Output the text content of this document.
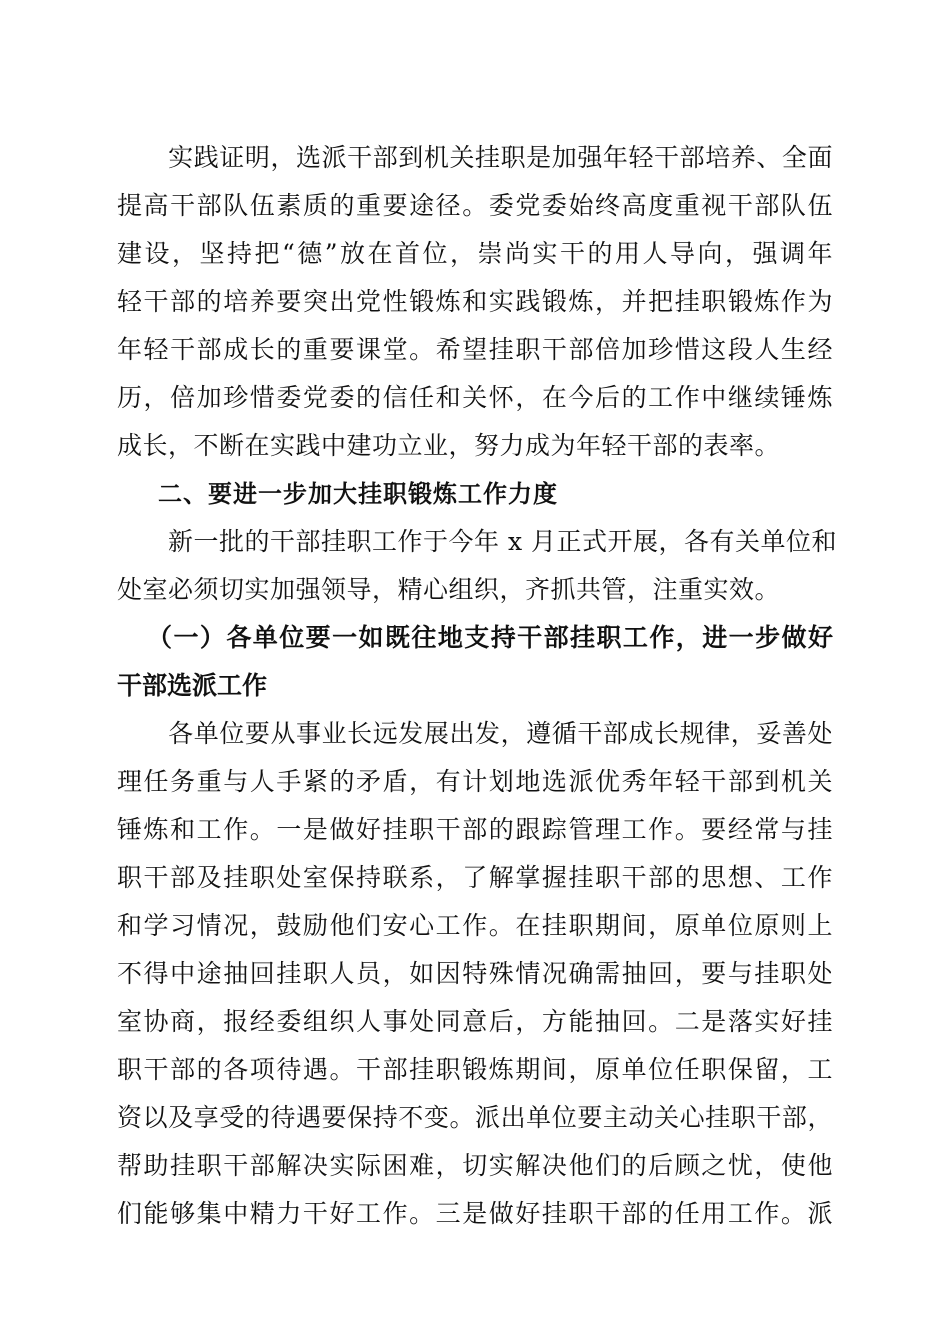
　　实践证明，选派干部到机关挂职是加强年轻干部培养、全面
提高干部队伍素质的重要途径。委党委始终高度重视干部队伍
建设，坚持把“德”放在首位，崇尚实干的用人导向，强调年
轻干部的培养要突出党性锻炼和实践锻炼，并把挂职锻炼作为
年轻干部成长的重要课堂。希望挂职干部倍加珍惜这段人生经
历，倍加珍惜委党委的信任和关怀，在今后的工作中继续锤炼
成长，不断在实践中建功立业，努力成为年轻干部的表率。
二、要进一步加大挂职锻炼工作力度
　　新一批的干部挂职工作于今年 x 月正式开展，各有关单位和
处室必须切实加强领导，精心组织，齐抓共管，注重实效。
（一）各单位要一如既往地支持干部挂职工作，进一步做好
干部选派工作
　　各单位要从事业长远发展出发，遵循干部成长规律，妥善处
理任务重与人手紧的矛盾，有计划地选派优秀年轻干部到机关
锤炼和工作。一是做好挂职干部的跟踪管理工作。要经常与挂
职干部及挂职处室保持联系，了解掌握挂职干部的思想、工作
和学习情况，鼓励他们安心工作。在挂职期间，原单位原则上
不得中途抽回挂职人员，如因特殊情况确需抽回，要与挂职处
室协商，报经委组织人事处同意后，方能抽回。二是落实好挂
职干部的各项待遇。干部挂职锻炼期间，原单位任职保留，工
资以及享受的待遇要保持不变。派出单位要主动关心挂职干部，
帮助挂职干部解决实际困难，切实解决他们的后顾之忧，使他
们能够集中精力干好工作。三是做好挂职干部的任用工作。派
